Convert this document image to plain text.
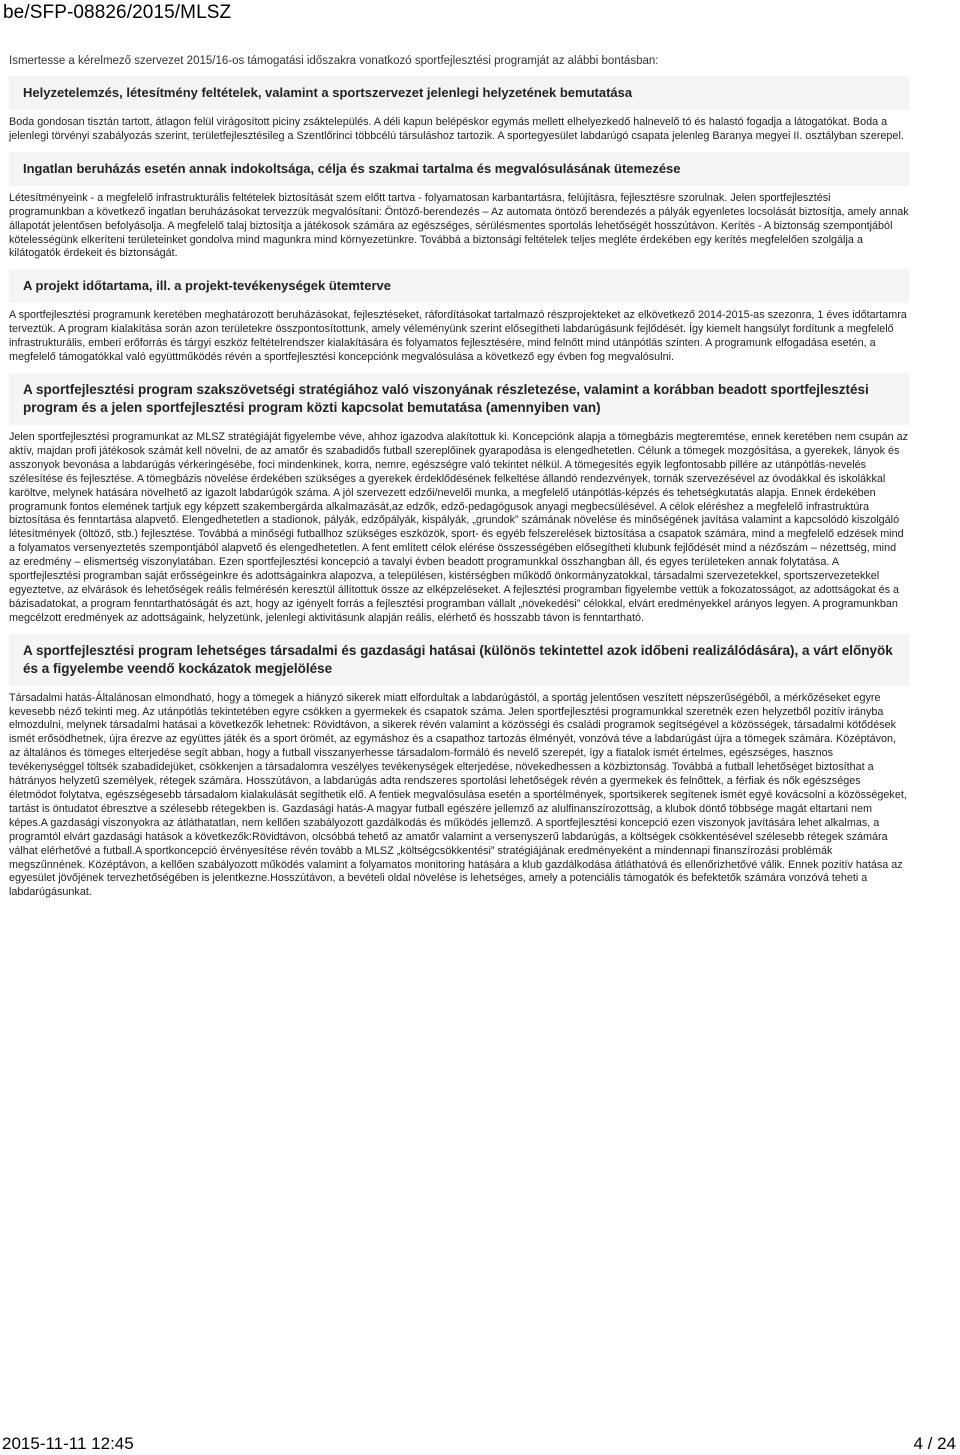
be/SFP-08826/2015/MLSZ

Ismertesse a kérelmező szervezet 2015/16-os támogatási időszakra vonatkozó sportfejlesztési programját az alábbi bontásban:

Helyzetelemzés, létesítmény feltételek, valamint a sportszervezet jelenlegi helyzetének bemutatása

Boda gondosan tisztán tartott, átlagon felül virágosított piciny zsáktelepülés. A déli kapun belépéskor egymás mellett elhelyezkedő halnevelő tó és halastó fogadja a látogatókat. Boda a jelenlegi törvényi szabályozás szerint, területfejlesztésileg a Szentlőrinci többcélú társuláshoz tartozik. A sportegyesület labdarúgó csapata jelenleg Baranya megyei II. osztályban szerepel.

Ingatlan beruházás esetén annak indokoltsága, célja és szakmai tartalma és megvalósulásának ütemezése

Létesítményeink - a megfelelő infrastrukturális feltételek biztosítását szem előtt tartva - folyamatosan karbantartásra, felújításra, fejlesztésre szorulnak. Jelen sportfejlesztési programunkban a következő ingatlan beruházásokat tervezzük megvalósítani: Öntöző-berendezés – Az automata öntöző berendezés a pályák egyenletes locsolását biztosítja, amely annak állapotát jelentősen befolyásolja. A megfelelő talaj biztosítja a játékosok számára az egészséges, sérülésmentes sportolás lehetőségét hosszútávon. Kerítés - A biztonság szempontjából kötelességünk elkeríteni területeinket gondolva mind magunkra mind környezetünkre. Továbbá a biztonsági feltételek teljes megléte érdekében egy kerítés megfelelően szolgálja a kilátogatók érdekeit és biztonságát.

A projekt időtartama, ill. a projekt-tevékenységek ütemterve

A sportfejlesztési programunk keretében meghatározott beruházásokat, fejlesztéseket, ráfordításokat tartalmazó részprojekteket az elkövetkező 2014-2015-as szezonra, 1 éves időtartamra terveztük. A program kialakítása során azon területekre összpontosítottunk, amely véleményünk szerint elősegítheti labdarúgásunk fejlődését. Így kiemelt hangsúlyt fordítunk a megfelelő infrastrukturális, emberi erőforrás és tárgyi eszköz feltételrendszer kialakítására és folyamatos fejlesztésére, mind felnőtt mind utánpótlás szinten. A programunk elfogadása esetén, a megfelelő támogatókkal való együttműködés révén a sportfejlesztési koncepciónk megvalósulása a következő egy évben fog megvalósulni.

A sportfejlesztési program szakszövetségi stratégiához való viszonyának részletezése, valamint a korábban beadott sportfejlesztési program és a jelen sportfejlesztési program közti kapcsolat bemutatása (amennyiben van)

Jelen sportfejlesztési programunkat az MLSZ stratégiáját figyelembe véve, ahhoz igazodva alakítottuk ki. Koncepciónk alapja a tömegbázis megteremtése, ennek keretében nem csupán az aktív, majdan profi játékosok számát kell növelni, de az amatőr és szabadidős futball szereplőinek gyarapodása is elengedhetetlen. Célunk a tömegek mozgósítása, a gyerekek, lányok és asszonyok bevonása a labdarúgás vérkeringésébe, foci mindenkinek, korra, nemre, egészségre való tekintet nélkül. A tömegesítés egyik legfontosabb pillére az utánpótlás-nevelés szélesítése és fejlesztése. A tömegbázis növelése érdekében szükséges a gyerekek érdeklődésének felkeltése állandó rendezvények, tornák szervezésével az óvodákkal és iskolákkal karöltve, melynek hatására növelhető az igazolt labdarúgók száma. A jól szervezett edzői/nevelői munka, a megfelelő utánpótlás-képzés és tehetségkutatás alapja. Ennek érdekében programunk fontos elemének tartjuk egy képzett szakembergárda alkalmazását,az edzők, edző-pedagógusok anyagi megbecsülésével. A célok eléréshez a megfelelő infrastruktúra biztosítása és fenntartása alapvető. Elengedhetetlen a stadionok, pályák, edzőpályák, kispályák, „grundok” számának növelése és minőségének javítása valamint a kapcsolódó kiszolgáló létesítmények (öltöző, stb.) fejlesztése. Továbbá a minőségi futballhoz szükséges eszközök, sport- és egyéb felszerelések biztosítása a csapatok számára, mind a megfelelő edzések mind a folyamatos versenyeztetés szempontjából alapvető és elengedhetetlen. A fent említett célok elérése összességében elősegítheti klubunk fejlődését mind a nézőszám – nézettség, mind az eredmény – elismertség viszonylatában. Ezen sportfejlesztési koncepció a tavalyi évben beadott programunkkal összhangban áll, és egyes területeken annak folytatása. A sportfejlesztési programban saját erősségeinkre és adottságainkra alapozva, a településen, kistérségben működő önkormányzatokkal, társadalmi szervezetekkel, sportszervezetekkel egyeztetve, az elvárások és lehetőségek reális felmérésén keresztül állítottuk össze az elképzeléseket. A fejlesztési programban figyelembe vettük a fokozatosságot, az adottságokat és a bázisadatokat, a program fenntarthatóságát és azt, hogy az igényelt forrás a fejlesztési programban vállalt „növekedési” célokkal, elvárt eredményekkel arányos legyen. A programunkban megcélzott eredmények az adottságaink, helyzetünk, jelenlegi aktivitásunk alapján reális, elérhető és hosszabb távon is fenntartható.

A sportfejlesztési program lehetséges társadalmi és gazdasági hatásai (különös tekintettel azok időbeni realizálódására), a várt előnyök és a figyelembe veendő kockázatok megjelölése

Társadalmi hatás-Általánosan elmondható, hogy a tömegek a hiányzó sikerek miatt elfordultak a labdarúgástól, a sportág jelentősen veszített népszerűségéből, a mérkőzéseket egyre kevesebb néző tekinti meg. Az utánpótlás tekintetében egyre csökken a gyermekek és csapatok száma. Jelen sportfejlesztési programunkkal szeretnék ezen helyzetből pozitív irányba elmozdulni, melynek társadalmi hatásai a következők lehetnek: Rövidtávon, a sikerek révén valamint a közösségi és családi programok segítségével a közösségek, társadalmi kötődések ismét erősödhetnek, újra érezve az együttes játék és a sport örömét, az egymáshoz és a csapathoz tartozás élményét, vonzóvá téve a labdarúgást újra a tömegek számára. Középtávon, az általános és tömeges elterjedése segít abban, hogy a futball visszanyerhesse társadalom-formáló és nevelő szerepét, így a fiatalok ismét értelmes, egészséges, hasznos tevékenységgel töltsék szabadidejüket, csökkenjen a társadalomra veszélyes tevékenységek elterjedése, növekedhessen a közbiztonság. Továbbá a futball lehetőséget biztosíthat a hátrányos helyzetű személyek, rétegek számára. Hosszútávon, a labdarúgás adta rendszeres sportolási lehetőségek révén a gyermekek és felnőttek, a férfiak és nők egészséges életmódot folytatva, egészségesebb társadalom kialakulását segíthetik elő. A fentiek megvalósulása esetén a sportélmények, sportsikerek segítenek ismét egyé kovácsolni a közösségeket, tartást is öntudatot ébresztve a szélesebb rétegekben is. Gazdasági hatás-A magyar futball egészére jellemző az alulfinanszírozottság, a klubok döntő többsége magát eltartani nem képes.A gazdasági viszonyokra az átláthatatlan, nem kellően szabályozott gazdálkodás és működés jellemző. A sportfejlesztési koncepció ezen viszonyok javítására lehet alkalmas, a programtól elvárt gazdasági hatások a következők:Rövidtávon, olcsóbbá tehető az amatőr valamint a versenyszerű labdarúgás, a költségek csökkentésével szélesebb rétegek számára válhat elérhetővé a futball.A sportkoncepció érvényesítése révén tovább a MLSZ „költségcsökkentési” stratégiájának eredményeként a mindennapi finanszírozási problémák megszűnnének. Középtávon, a kellően szabályozott működés valamint a folyamatos monitoring hatására a klub gazdálkodása átláthatóvá és ellenőrizhetővé válik. Ennek pozitív hatása az egyesület jövőjének tervezhetőségében is jelentkezne.Hosszútávon, a bevételi oldal növelése is lehetséges, amely a potenciális támogatók és befektetők számára vonzóvá teheti a labdarúgásunkat.

2015-11-11 12:45	4 / 24
